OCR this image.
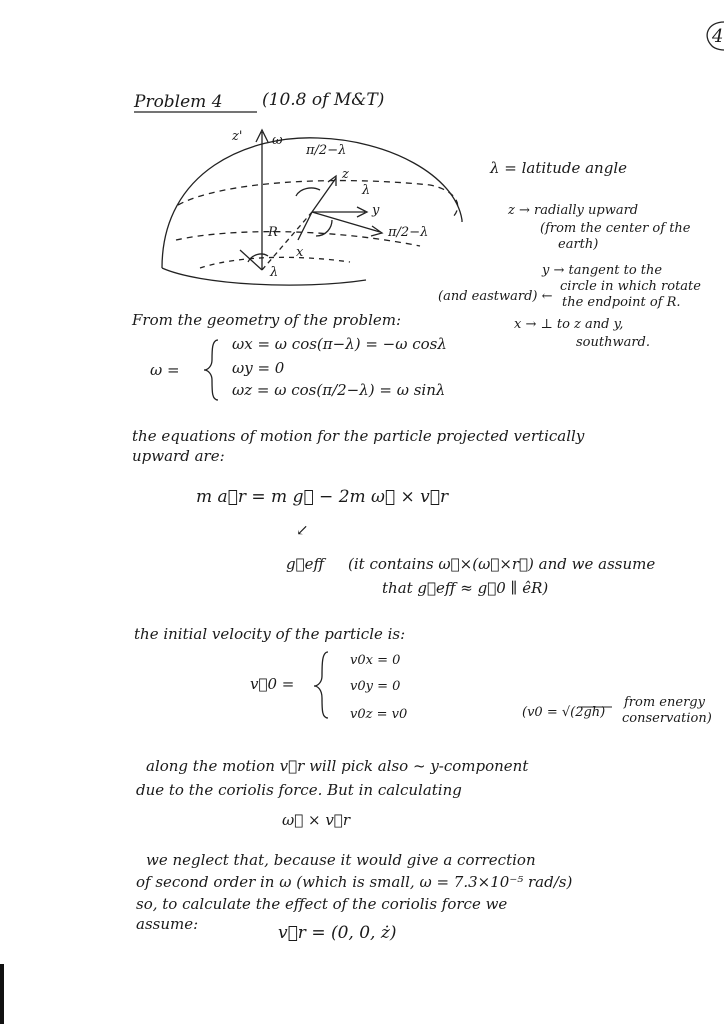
4
Problem 4 (10.8 of M&T)
z' ω
π/2−λ
z
λ
y
R
x
π/2−λ
λ
λ = latitude angle
z → radially upward
(from the center of the
earth)
y → tangent to the
circle in which rotate
(and eastward) ← the endpoint of R.
x → ⊥ to z and y,
southward.
From the geometry of the problem:
ω =
ωx = ω cos(π−λ) = −ω cosλ
ωy = 0
ωz = ω cos(π/2−λ) = ω sinλ
the equations of motion for the particle projected vertically
upward are:
m a⃗r = m g⃗ − 2m ω⃗ × v⃗r
↙
g⃗eff (it contains ω⃗×(ω⃗×r⃗) and we assume
that g⃗eff ≈ g⃗0 ∥ êR)
the initial velocity of the particle is:
v⃗0 =
v0x = 0
v0y = 0
v0z = v0	(v0 = √(2gh)
from energy
conservation)
along the motion v⃗r will pick also ~ y-component
due to the coriolis force. But in calculating
ω⃗ × v⃗r
we neglect that, because it would give a correction
of second order in ω (which is small, ω = 7.3×10⁻⁵ rad/s)
so, to calculate the effect of the coriolis force we
assume:	v⃗r = (0, 0, ż)
